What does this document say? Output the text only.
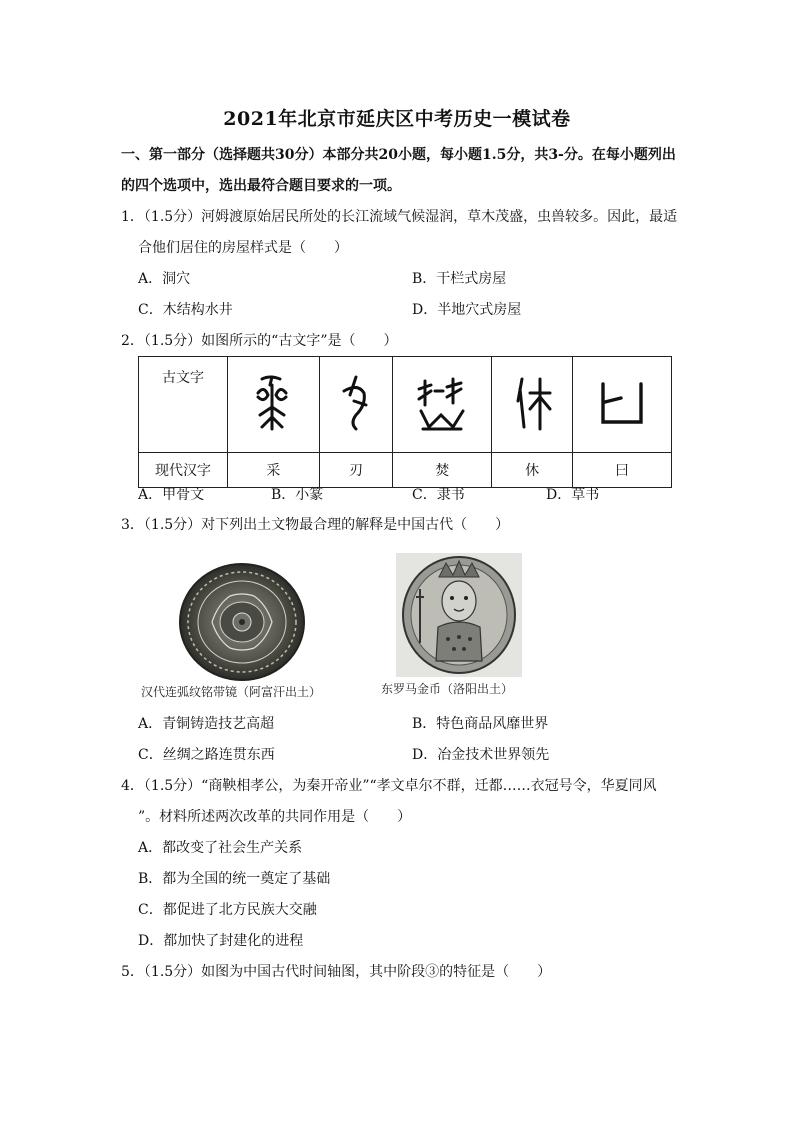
2021年北京市延庆区中考历史一模试卷
一、第一部分（选择题共30分）本部分共20小题，每小题1.5分，共3-分。在每小题列出
的四个选项中，选出最符合题目要求的一项。
1．（1.5分）河姆渡原始居民所处的长江流域气候湿润，草木茂盛，虫兽较多。因此，最适
合他们居住的房屋样式是（　　）
A．洞穴	B．干栏式房屋
C．木结构水井	D．半地穴式房屋
2．（1.5分）如图所示的“古文字”是（　　）
古文字					
现代汉字	采	刃	焚	休	曰
A．甲骨文	B．小篆	C．隶书	D．草书
3．（1.5分）对下列出土文物最合理的解释是中国古代（　　）
汉代连弧纹铭带镜（阿富汗出土）	东罗马金币（洛阳出土）
A．青铜铸造技艺高超	B．特色商品风靡世界
C．丝绸之路连贯东西	D．冶金技术世界领先
4．（1.5分）“商鞅相孝公，为秦开帝业”“孝文卓尔不群，迁都……衣冠号令，华夏同风
”。材料所述两次改革的共同作用是（　　）
A．都改变了社会生产关系
B．都为全国的统一奠定了基础
C．都促进了北方民族大交融
D．都加快了封建化的进程
5．（1.5分）如图为中国古代时间轴图，其中阶段③的特征是（　　）
